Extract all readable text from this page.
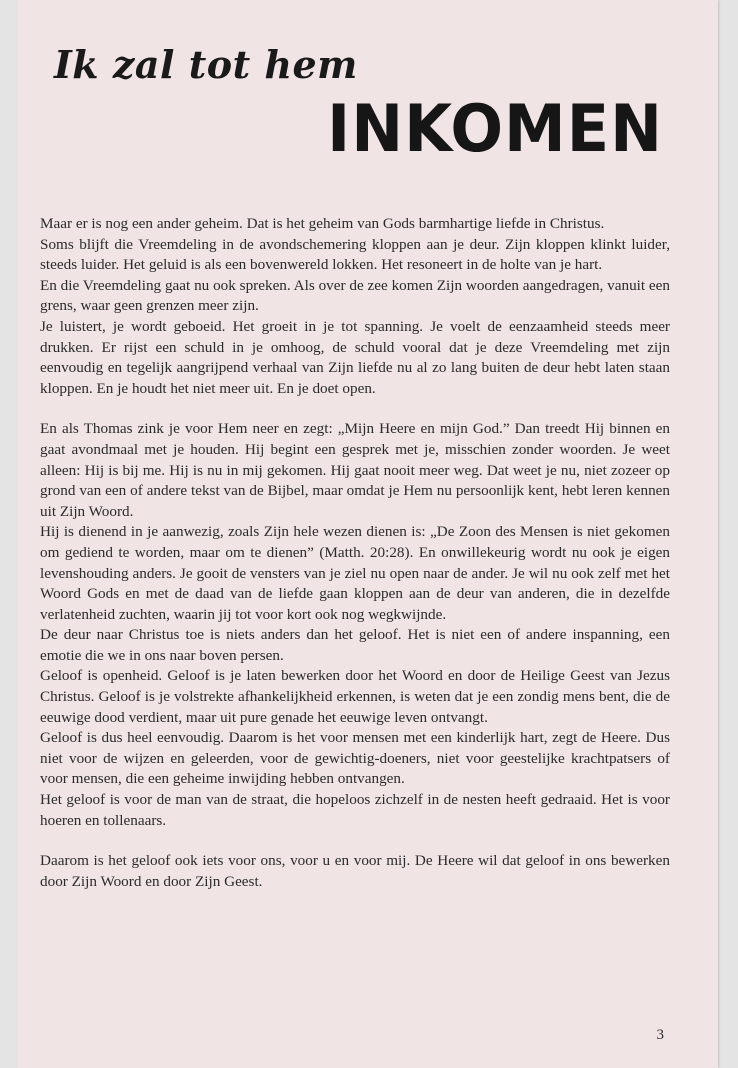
Ik zal tot hem
INKOMEN

Maar er is nog een ander geheim. Dat is het geheim van Gods barmhartige liefde in Christus.

Soms blijft die Vreemdeling in de avondschemering kloppen aan je deur. Zijn kloppen klinkt luider, steeds luider. Het geluid is als een bovenwereld lokken. Het resoneert in de holte van je hart.

En die Vreemdeling gaat nu ook spreken. Als over de zee komen Zijn woorden aangedragen, vanuit een grens, waar geen grenzen meer zijn.

Je luistert, je wordt geboeid. Het groeit in je tot spanning. Je voelt de eenzaamheid steeds meer drukken. Er rijst een schuld in je omhoog, de schuld vooral dat je deze Vreemdeling met zijn eenvoudig en tegelijk aangrijpend verhaal van Zijn liefde nu al zo lang buiten de deur hebt laten staan kloppen. En je houdt het niet meer uit. En je doet open.

En als Thomas zink je voor Hem neer en zegt: „Mijn Heere en mijn God.” Dan treedt Hij binnen en gaat avondmaal met je houden. Hij begint een gesprek met je, misschien zonder woorden. Je weet alleen: Hij is bij me. Hij is nu in mij gekomen. Hij gaat nooit meer weg. Dat weet je nu, niet zozeer op grond van een of andere tekst van de Bijbel, maar omdat je Hem nu persoonlijk kent, hebt leren kennen uit Zijn Woord.

Hij is dienend in je aanwezig, zoals Zijn hele wezen dienen is: „De Zoon des Mensen is niet gekomen om gediend te worden, maar om te dienen” (Matth. 20:28). En onwillekeurig wordt nu ook je eigen levenshouding anders. Je gooit de vensters van je ziel nu open naar de ander. Je wil nu ook zelf met het Woord Gods en met de daad van de liefde gaan kloppen aan de deur van anderen, die in dezelfde verlatenheid zuchten, waarin jij tot voor kort ook nog wegkwijnde.

De deur naar Christus toe is niets anders dan het geloof. Het is niet een of andere inspanning, een emotie die we in ons naar boven persen.

Geloof is openheid. Geloof is je laten bewerken door het Woord en door de Heilige Geest van Jezus Christus. Geloof is je volstrekte afhankelijkheid erkennen, is weten dat je een zondig mens bent, die de eeuwige dood verdient, maar uit pure genade het eeuwige leven ontvangt.

Geloof is dus heel eenvoudig. Daarom is het voor mensen met een kinderlijk hart, zegt de Heere. Dus niet voor de wijzen en geleerden, voor de gewichtig-doeners, niet voor geestelijke krachtpatsers of voor mensen, die een geheime inwijding hebben ontvangen.

Het geloof is voor de man van de straat, die hopeloos zichzelf in de nesten heeft gedraaid. Het is voor hoeren en tollenaars.

Daarom is het geloof ook iets voor ons, voor u en voor mij. De Heere wil dat geloof in ons bewerken door Zijn Woord en door Zijn Geest.

3
